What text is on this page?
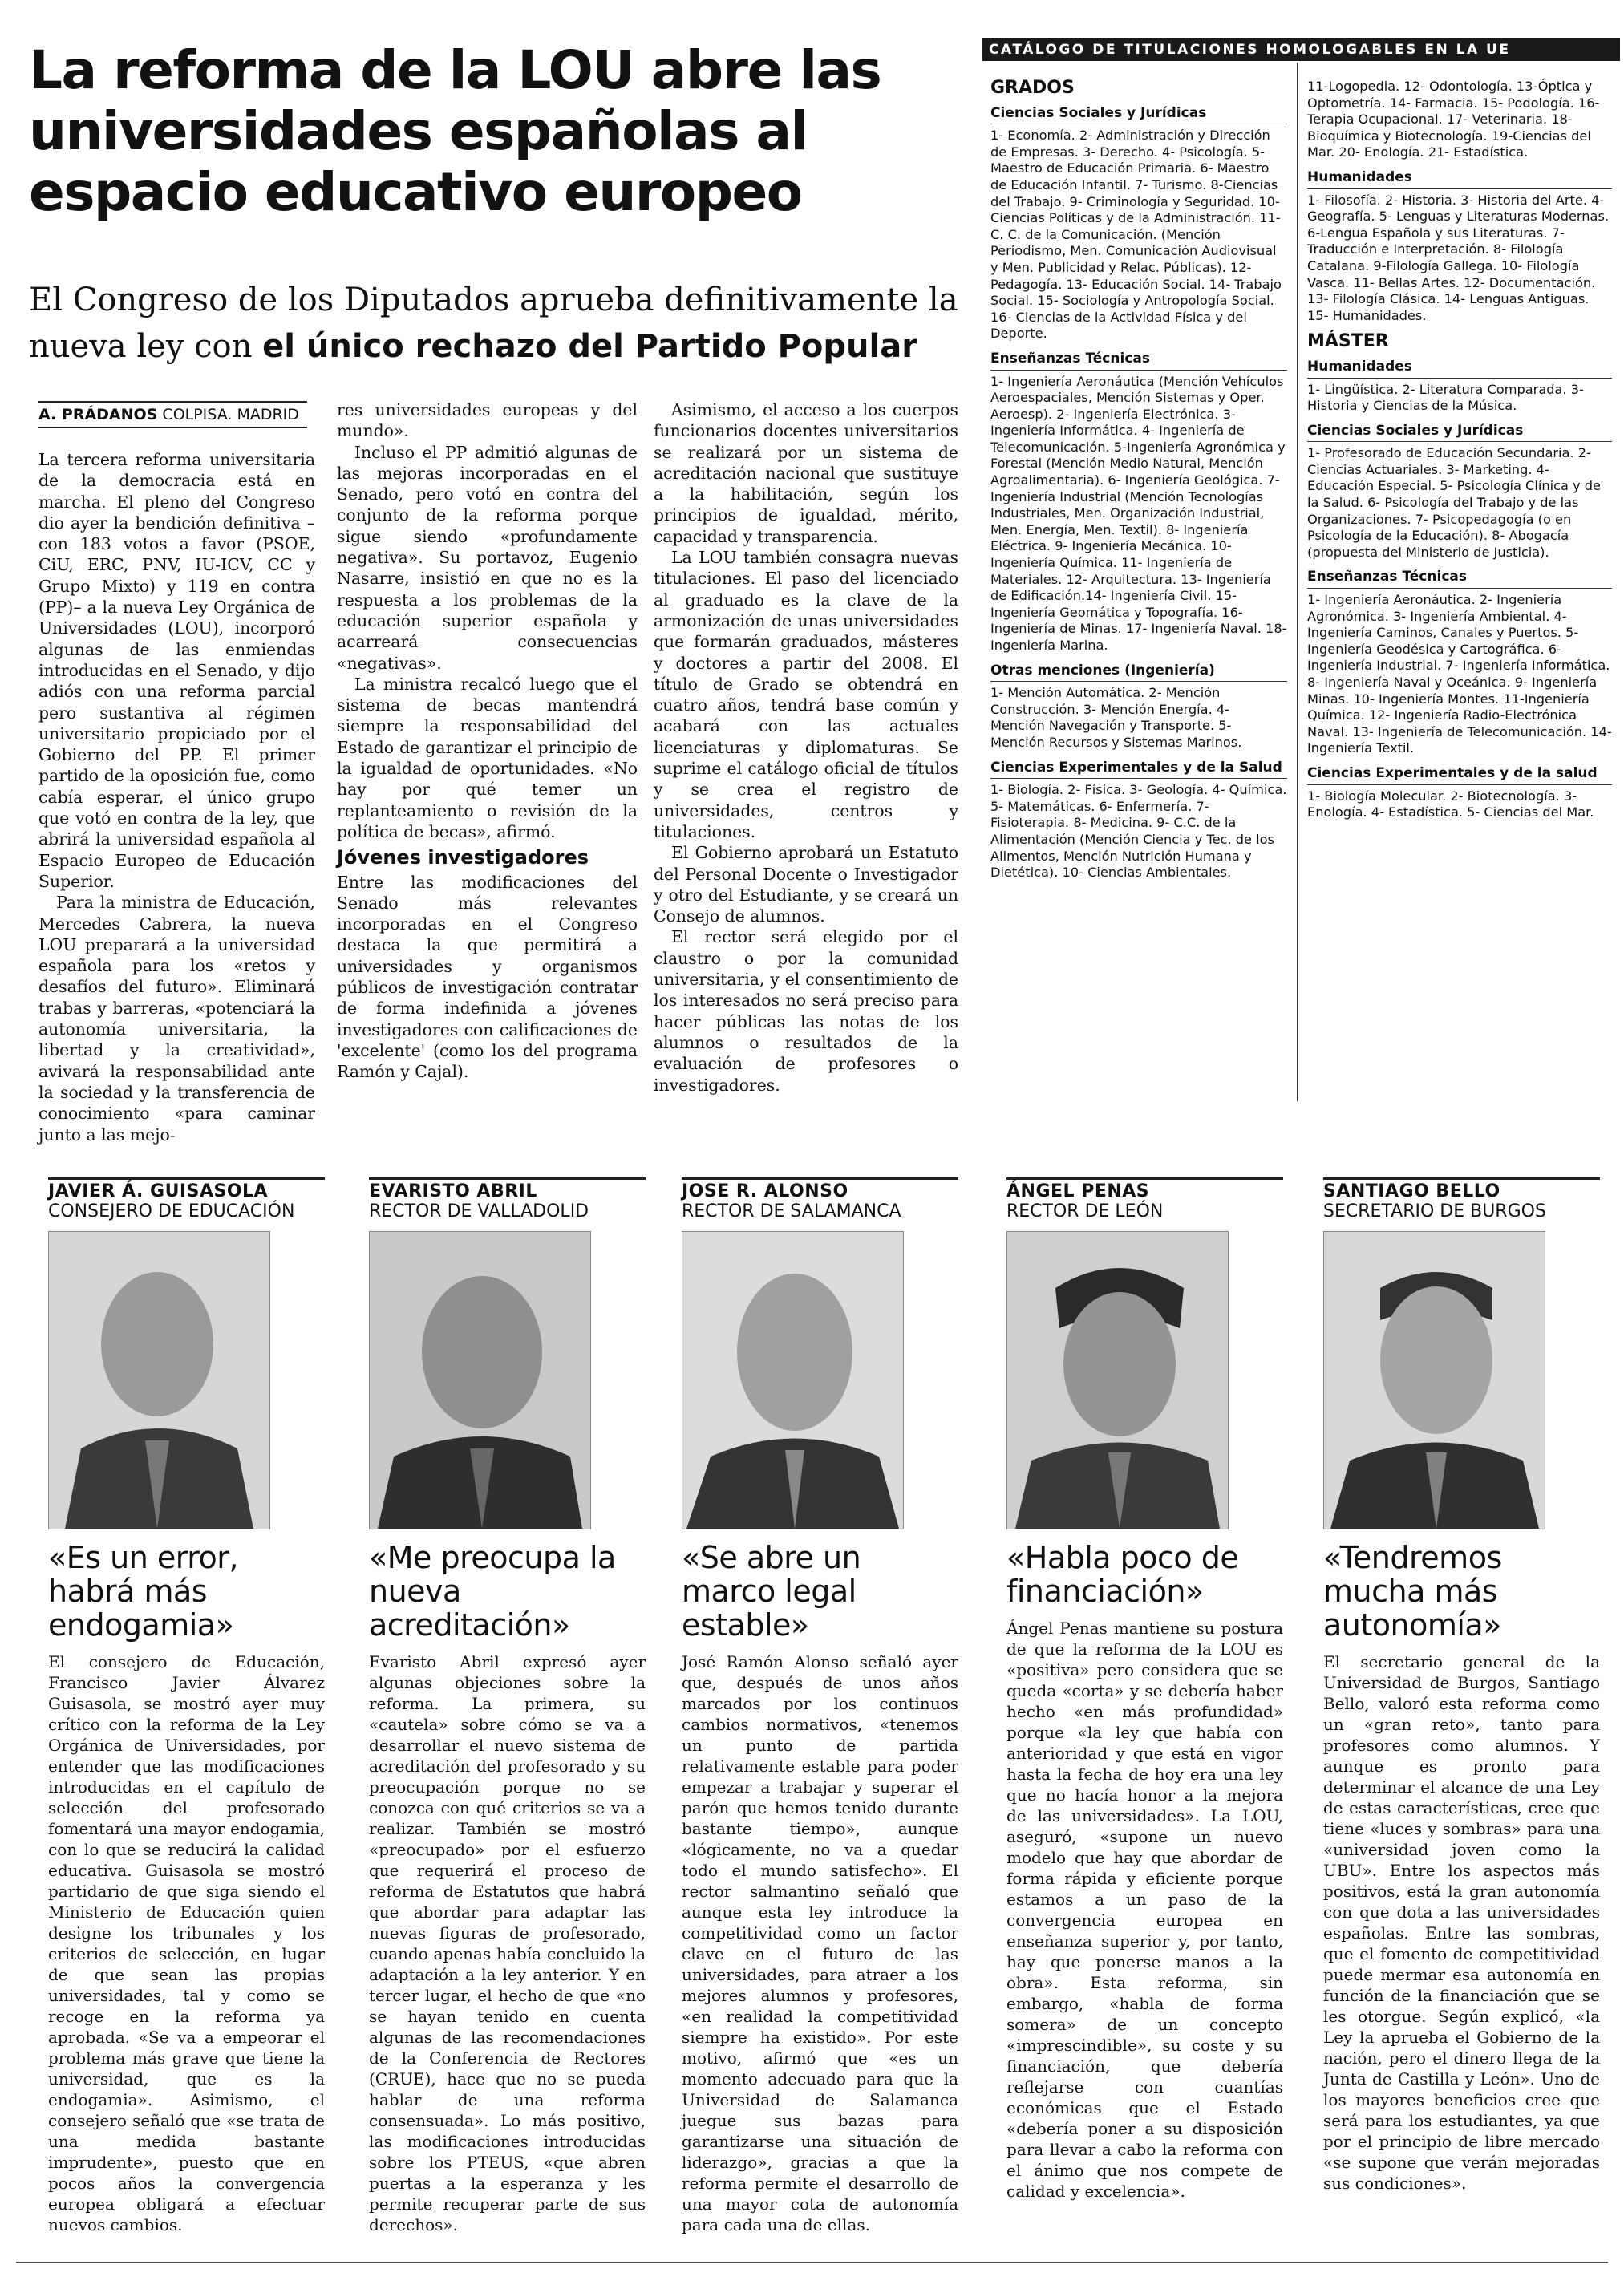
La reforma de la LOU abre las universidades españolas al espacio educativo europeo

El Congreso de los Diputados aprueba definitivamente la nueva ley con el único rechazo del Partido Popular

A. PRÁDANOS COLPISA. MADRID

La tercera reforma universitaria de la democracia está en marcha. El pleno del Congreso dio ayer la bendición definitiva –con 183 votos a favor (PSOE, CiU, ERC, PNV, IU-ICV, CC y Grupo Mixto) y 119 en contra (PP)– a la nueva Ley Orgánica de Universidades (LOU), incorporó algunas de las enmiendas introducidas en el Senado, y dijo adiós con una reforma parcial pero sustantiva al régimen universitario propiciado por el Gobierno del PP. El primer partido de la oposición fue, como cabía esperar, el único grupo que votó en contra de la ley, que abrirá la universidad española al Espacio Europeo de Educación Superior.

Para la ministra de Educación, Mercedes Cabrera, la nueva LOU preparará a la universidad española para los «retos y desafíos del futuro». Eliminará trabas y barreras, «potenciará la autonomía universitaria, la libertad y la creatividad», avivará la responsabilidad ante la sociedad y la transferencia de conocimiento «para caminar junto a las mejo-

res universidades europeas y del mundo».

Incluso el PP admitió algunas de las mejoras incorporadas en el Senado, pero votó en contra del conjunto de la reforma porque sigue siendo «profundamente negativa». Su portavoz, Eugenio Nasarre, insistió en que no es la respuesta a los problemas de la educación superior española y acarreará consecuencias «negativas».

La ministra recalcó luego que el sistema de becas mantendrá siempre la responsabilidad del Estado de garantizar el principio de la igualdad de oportunidades. «No hay por qué temer un replanteamiento o revisión de la política de becas», afirmó.

Jóvenes investigadores

Entre las modificaciones del Senado más relevantes incorporadas en el Congreso destaca la que permitirá a universidades y organismos públicos de investigación contratar de forma indefinida a jóvenes investigadores con calificaciones de 'excelente' (como los del programa Ramón y Cajal).

Asimismo, el acceso a los cuerpos funcionarios docentes universitarios se realizará por un sistema de acreditación nacional que sustituye a la habilitación, según los principios de igualdad, mérito, capacidad y transparencia.

La LOU también consagra nuevas titulaciones. El paso del licenciado al graduado es la clave de la armonización de unas universidades que formarán graduados, másteres y doctores a partir del 2008. El título de Grado se obtendrá en cuatro años, tendrá base común y acabará con las actuales licenciaturas y diplomaturas. Se suprime el catálogo oficial de títulos y se crea el registro de universidades, centros y titulaciones.

El Gobierno aprobará un Estatuto del Personal Docente o Investigador y otro del Estudiante, y se creará un Consejo de alumnos.

El rector será elegido por el claustro o por la comunidad universitaria, y el consentimiento de los interesados no será preciso para hacer públicas las notas de los alumnos o resultados de la evaluación de profesores o investigadores.

CATÁLOGO DE TITULACIONES HOMOLOGABLES EN LA UE
GRADOS
Ciencias Sociales y Jurídicas

1- Economía. 2- Administración y Dirección de Empresas. 3- Derecho. 4- Psicología. 5- Maestro de Educación Primaria. 6- Maestro de Educación Infantil. 7- Turismo. 8-Ciencias del Trabajo. 9- Criminología y Seguridad. 10- Ciencias Políticas y de la Administración. 11- C. C. de la Comunicación. (Mención Periodismo, Men. Comunicación Audiovisual y Men. Publicidad y Relac. Públicas). 12- Pedagogía. 13- Educación Social. 14- Trabajo Social. 15- Sociología y Antropología Social. 16- Ciencias de la Actividad Física y del Deporte.

Enseñanzas Técnicas

1- Ingeniería Aeronáutica (Mención Vehículos Aeroespaciales, Mención Sistemas y Oper. Aeroesp). 2- Ingeniería Electrónica. 3-Ingeniería Informática. 4- Ingeniería de Telecomunicación. 5-Ingeniería Agronómica y Forestal (Mención Medio Natural, Mención Agroalimentaria). 6- Ingeniería Geológica. 7- Ingeniería Industrial (Mención Tecnologías Industriales, Men. Organización Industrial, Men. Energía, Men. Textil). 8- Ingeniería Eléctrica. 9- Ingeniería Mecánica. 10-Ingeniería Química. 11- Ingeniería de Materiales. 12- Arquitectura. 13- Ingeniería de Edificación.14- Ingeniería Civil. 15- Ingeniería Geomática y Topografía. 16- Ingeniería de Minas. 17- Ingeniería Naval. 18- Ingeniería Marina.

Otras menciones (Ingeniería)

1- Mención Automática. 2- Mención Construcción. 3- Mención Energía. 4- Mención Navegación y Transporte. 5- Mención Recursos y Sistemas Marinos.

Ciencias Experimentales y de la Salud

1- Biología. 2- Física. 3- Geología. 4- Química. 5- Matemáticas. 6- Enfermería. 7- Fisioterapia. 8- Medicina. 9- C.C. de la Alimentación (Mención Ciencia y Tec. de los Alimentos, Mención Nutrición Humana y Dietética). 10- Ciencias Ambientales.

11-Logopedia. 12- Odontología. 13-Óptica y Optometría. 14- Farmacia. 15- Podología. 16- Terapia Ocupacional. 17- Veterinaria. 18- Bioquímica y Biotecnología. 19-Ciencias del Mar. 20- Enología. 21- Estadística.

Humanidades

1- Filosofía. 2- Historia. 3- Historia del Arte. 4- Geografía. 5- Lenguas y Literaturas Modernas. 6-Lengua Española y sus Literaturas. 7- Traducción e Interpretación. 8- Filología Catalana. 9-Filología Gallega. 10- Filología Vasca. 11- Bellas Artes. 12- Documentación. 13- Filología Clásica. 14- Lenguas Antiguas. 15- Humanidades.

MÁSTER
Humanidades

1- Lingüística. 2- Literatura Comparada. 3- Historia y Ciencias de la Música.

Ciencias Sociales y Jurídicas

1- Profesorado de Educación Secundaria. 2- Ciencias Actuariales. 3- Marketing. 4- Educación Especial. 5- Psicología Clínica y de la Salud. 6- Psicología del Trabajo y de las Organizaciones. 7- Psicopedagogía (o en Psicología de la Educación). 8- Abogacía (propuesta del Ministerio de Justicia).

Enseñanzas Técnicas

1- Ingeniería Aeronáutica. 2- Ingeniería Agronómica. 3- Ingeniería Ambiental. 4- Ingeniería Caminos, Canales y Puertos. 5- Ingeniería Geodésica y Cartográfica. 6- Ingeniería Industrial. 7- Ingeniería Informática. 8- Ingeniería Naval y Oceánica. 9- Ingeniería Minas. 10- Ingeniería Montes. 11-Ingeniería Química. 12- Ingeniería Radio-Electrónica Naval. 13- Ingeniería de Telecomunicación. 14- Ingeniería Textil.

Ciencias Experimentales y de la salud

1- Biología Molecular. 2- Biotecnología. 3- Enología. 4- Estadística. 5- Ciencias del Mar.

JAVIER Á. GUISASOLA
CONSEJERO DE EDUCACIÓN
«Es un error, habrá más endogamia»

El consejero de Educación, Francisco Javier Álvarez Guisasola, se mostró ayer muy crítico con la reforma de la Ley Orgánica de Universidades, por entender que las modificaciones introducidas en el capítulo de selección del profesorado fomentará una mayor endogamia, con lo que se reducirá la calidad educativa. Guisasola se mostró partidario de que siga siendo el Ministerio de Educación quien designe los tribunales y los criterios de selección, en lugar de que sean las propias universidades, tal y como se recoge en la reforma ya aprobada. «Se va a empeorar el problema más grave que tiene la universidad, que es la endogamia». Asimismo, el consejero señaló que «se trata de una medida bastante imprudente», puesto que en pocos años la convergencia europea obligará a efectuar nuevos cambios.

EVARISTO ABRIL
RECTOR DE VALLADOLID
«Me preocupa la nueva acreditación»

Evaristo Abril expresó ayer algunas objeciones sobre la reforma. La primera, su «cautela» sobre cómo se va a desarrollar el nuevo sistema de acreditación del profesorado y su preocupación porque no se conozca con qué criterios se va a realizar. También se mostró «preocupado» por el esfuerzo que requerirá el proceso de reforma de Estatutos que habrá que abordar para adaptar las nuevas figuras de profesorado, cuando apenas había concluido la adaptación a la ley anterior. Y en tercer lugar, el hecho de que «no se hayan tenido en cuenta algunas de las recomendaciones de la Conferencia de Rectores (CRUE), hace que no se pueda hablar de una reforma consensuada». Lo más positivo, las modificaciones introducidas sobre los PTEUS, «que abren puertas a la esperanza y les permite recuperar parte de sus derechos».

JOSE R. ALONSO
RECTOR DE SALAMANCA
«Se abre un marco legal estable»

José Ramón Alonso señaló ayer que, después de unos años marcados por los continuos cambios normativos, «tenemos un punto de partida relativamente estable para poder empezar a trabajar y superar el parón que hemos tenido durante bastante tiempo», aunque «lógicamente, no va a quedar todo el mundo satisfecho». El rector salmantino señaló que aunque esta ley introduce la competitividad como un factor clave en el futuro de las universidades, para atraer a los mejores alumnos y profesores, «en realidad la competitividad siempre ha existido». Por este motivo, afirmó que «es un momento adecuado para que la Universidad de Salamanca juegue sus bazas para garantizarse una situación de liderazgo», gracias a que la reforma permite el desarrollo de una mayor cota de autonomía para cada una de ellas.

ÁNGEL PENAS
RECTOR DE LEÓN
«Habla poco de financiación»

Ángel Penas mantiene su postura de que la reforma de la LOU es «positiva» pero considera que se queda «corta» y se debería haber hecho «en más profundidad» porque «la ley que había con anterioridad y que está en vigor hasta la fecha de hoy era una ley que no hacía honor a la mejora de las universidades». La LOU, aseguró, «supone un nuevo modelo que hay que abordar de forma rápida y eficiente porque estamos a un paso de la convergencia europea en enseñanza superior y, por tanto, hay que ponerse manos a la obra». Esta reforma, sin embargo, «habla de forma somera» de un concepto «imprescindible», su coste y su financiación, que debería reflejarse con cuantías económicas que el Estado «debería poner a su disposición para llevar a cabo la reforma con el ánimo que nos compete de calidad y excelencia».

SANTIAGO BELLO
SECRETARIO DE BURGOS
«Tendremos mucha más autonomía»

El secretario general de la Universidad de Burgos, Santiago Bello, valoró esta reforma como un «gran reto», tanto para profesores como alumnos. Y aunque es pronto para determinar el alcance de una Ley de estas características, cree que tiene «luces y sombras» para una «universidad joven como la UBU». Entre los aspectos más positivos, está la gran autonomía con que dota a las universidades españolas. Entre las sombras, que el fomento de competitividad puede mermar esa autonomía en función de la financiación que se les otorgue. Según explicó, «la Ley la aprueba el Gobierno de la nación, pero el dinero llega de la Junta de Castilla y León». Uno de los mayores beneficios cree que será para los estudiantes, ya que por el principio de libre mercado «se supone que verán mejoradas sus condiciones».
